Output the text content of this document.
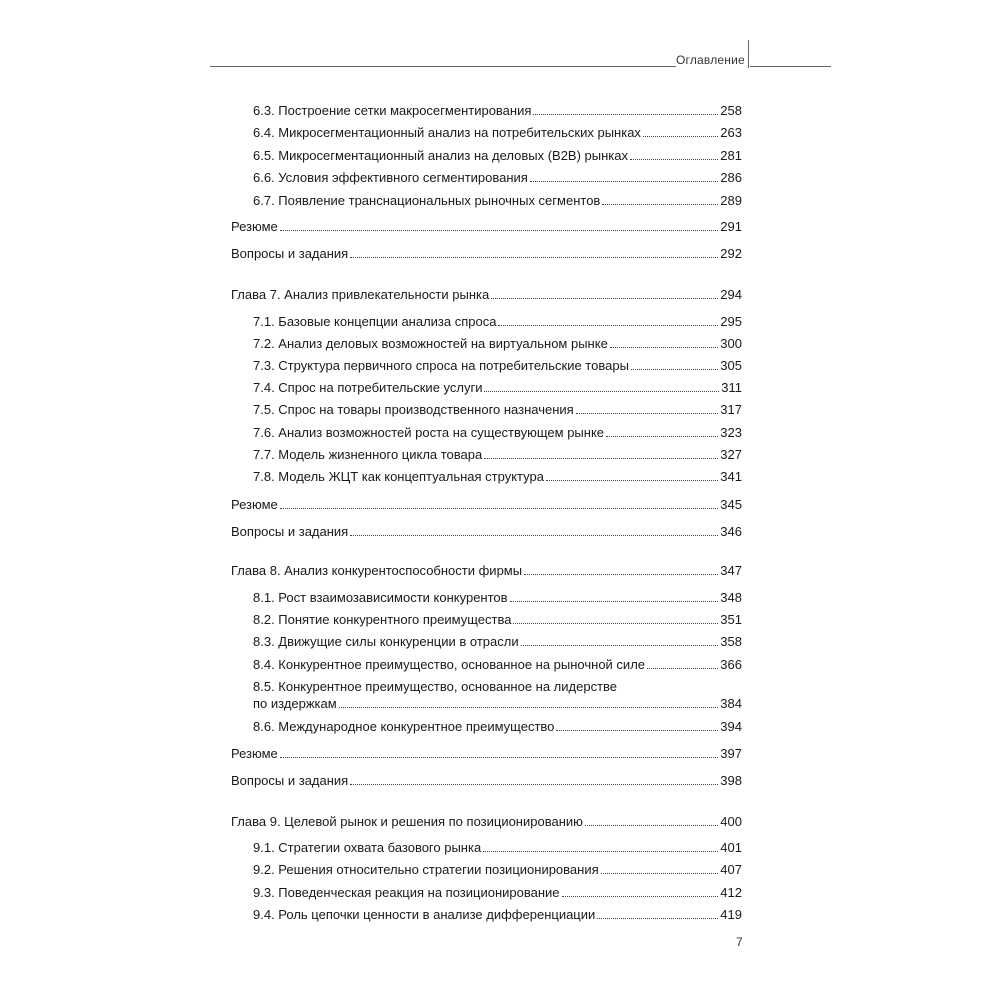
Оглавление
6.3. Построение сетки макросегментирования	258
6.4. Микросегментационный анализ на потребительских рынках	263
6.5. Микросегментационный анализ на деловых (B2B) рынках	281
6.6. Условия эффективного сегментирования	286
6.7. Появление транснациональных рыночных сегментов	289
Резюме	291
Вопросы и задания	292
Глава 7. Анализ привлекательности рынка	294
7.1. Базовые концепции анализа спроса	295
7.2. Анализ деловых возможностей на виртуальном рынке	300
7.3. Структура первичного спроса на потребительские товары	305
7.4. Спрос на потребительские услуги	311
7.5. Спрос на товары производственного назначения	317
7.6. Анализ возможностей роста на существующем рынке	323
7.7. Модель жизненного цикла товара	327
7.8. Модель ЖЦТ как концептуальная структура	341
Резюме	345
Вопросы и задания	346
Глава 8. Анализ конкурентоспособности фирмы	347
8.1. Рост взаимозависимости конкурентов	348
8.2. Понятие конкурентного преимущества	351
8.3. Движущие силы конкуренции в отрасли	358
8.4. Конкурентное преимущество, основанное на рыночной силе	366
8.5. Конкурентное преимущество, основанное на лидерстве
по издержкам	384
8.6. Международное конкурентное преимущество	394
Резюме	397
Вопросы и задания	398
Глава 9. Целевой рынок и решения по позиционированию	400
9.1. Стратегии охвата базового рынка	401
9.2. Решения относительно стратегии позиционирования	407
9.3. Поведенческая реакция на позиционирование	412
9.4. Роль цепочки ценности в анализе дифференциации	419
7
